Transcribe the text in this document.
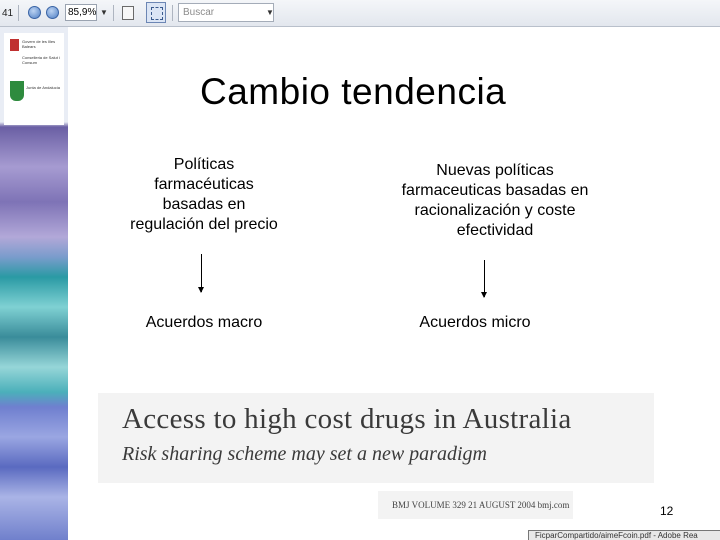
41	85,9% ▼	Buscar	▼
Govern de les Illes Balears
Conselleria de Salut i Consum
Junta de Andalucía	Cambio tendencia
Políticas
farmacéuticas
basadas en
regulación del precio
Nuevas políticas
farmaceuticas basadas en
racionalización y coste
efectividad
Acuerdos macro	Acuerdos micro
Access to high cost drugs in Australia
Risk sharing scheme may set a new paradigm
BMJ VOLUME 329 21 AUGUST 2004 bmj.com	12
FicparCompartido/aimeFcoin.pdf - Adobe Rea
